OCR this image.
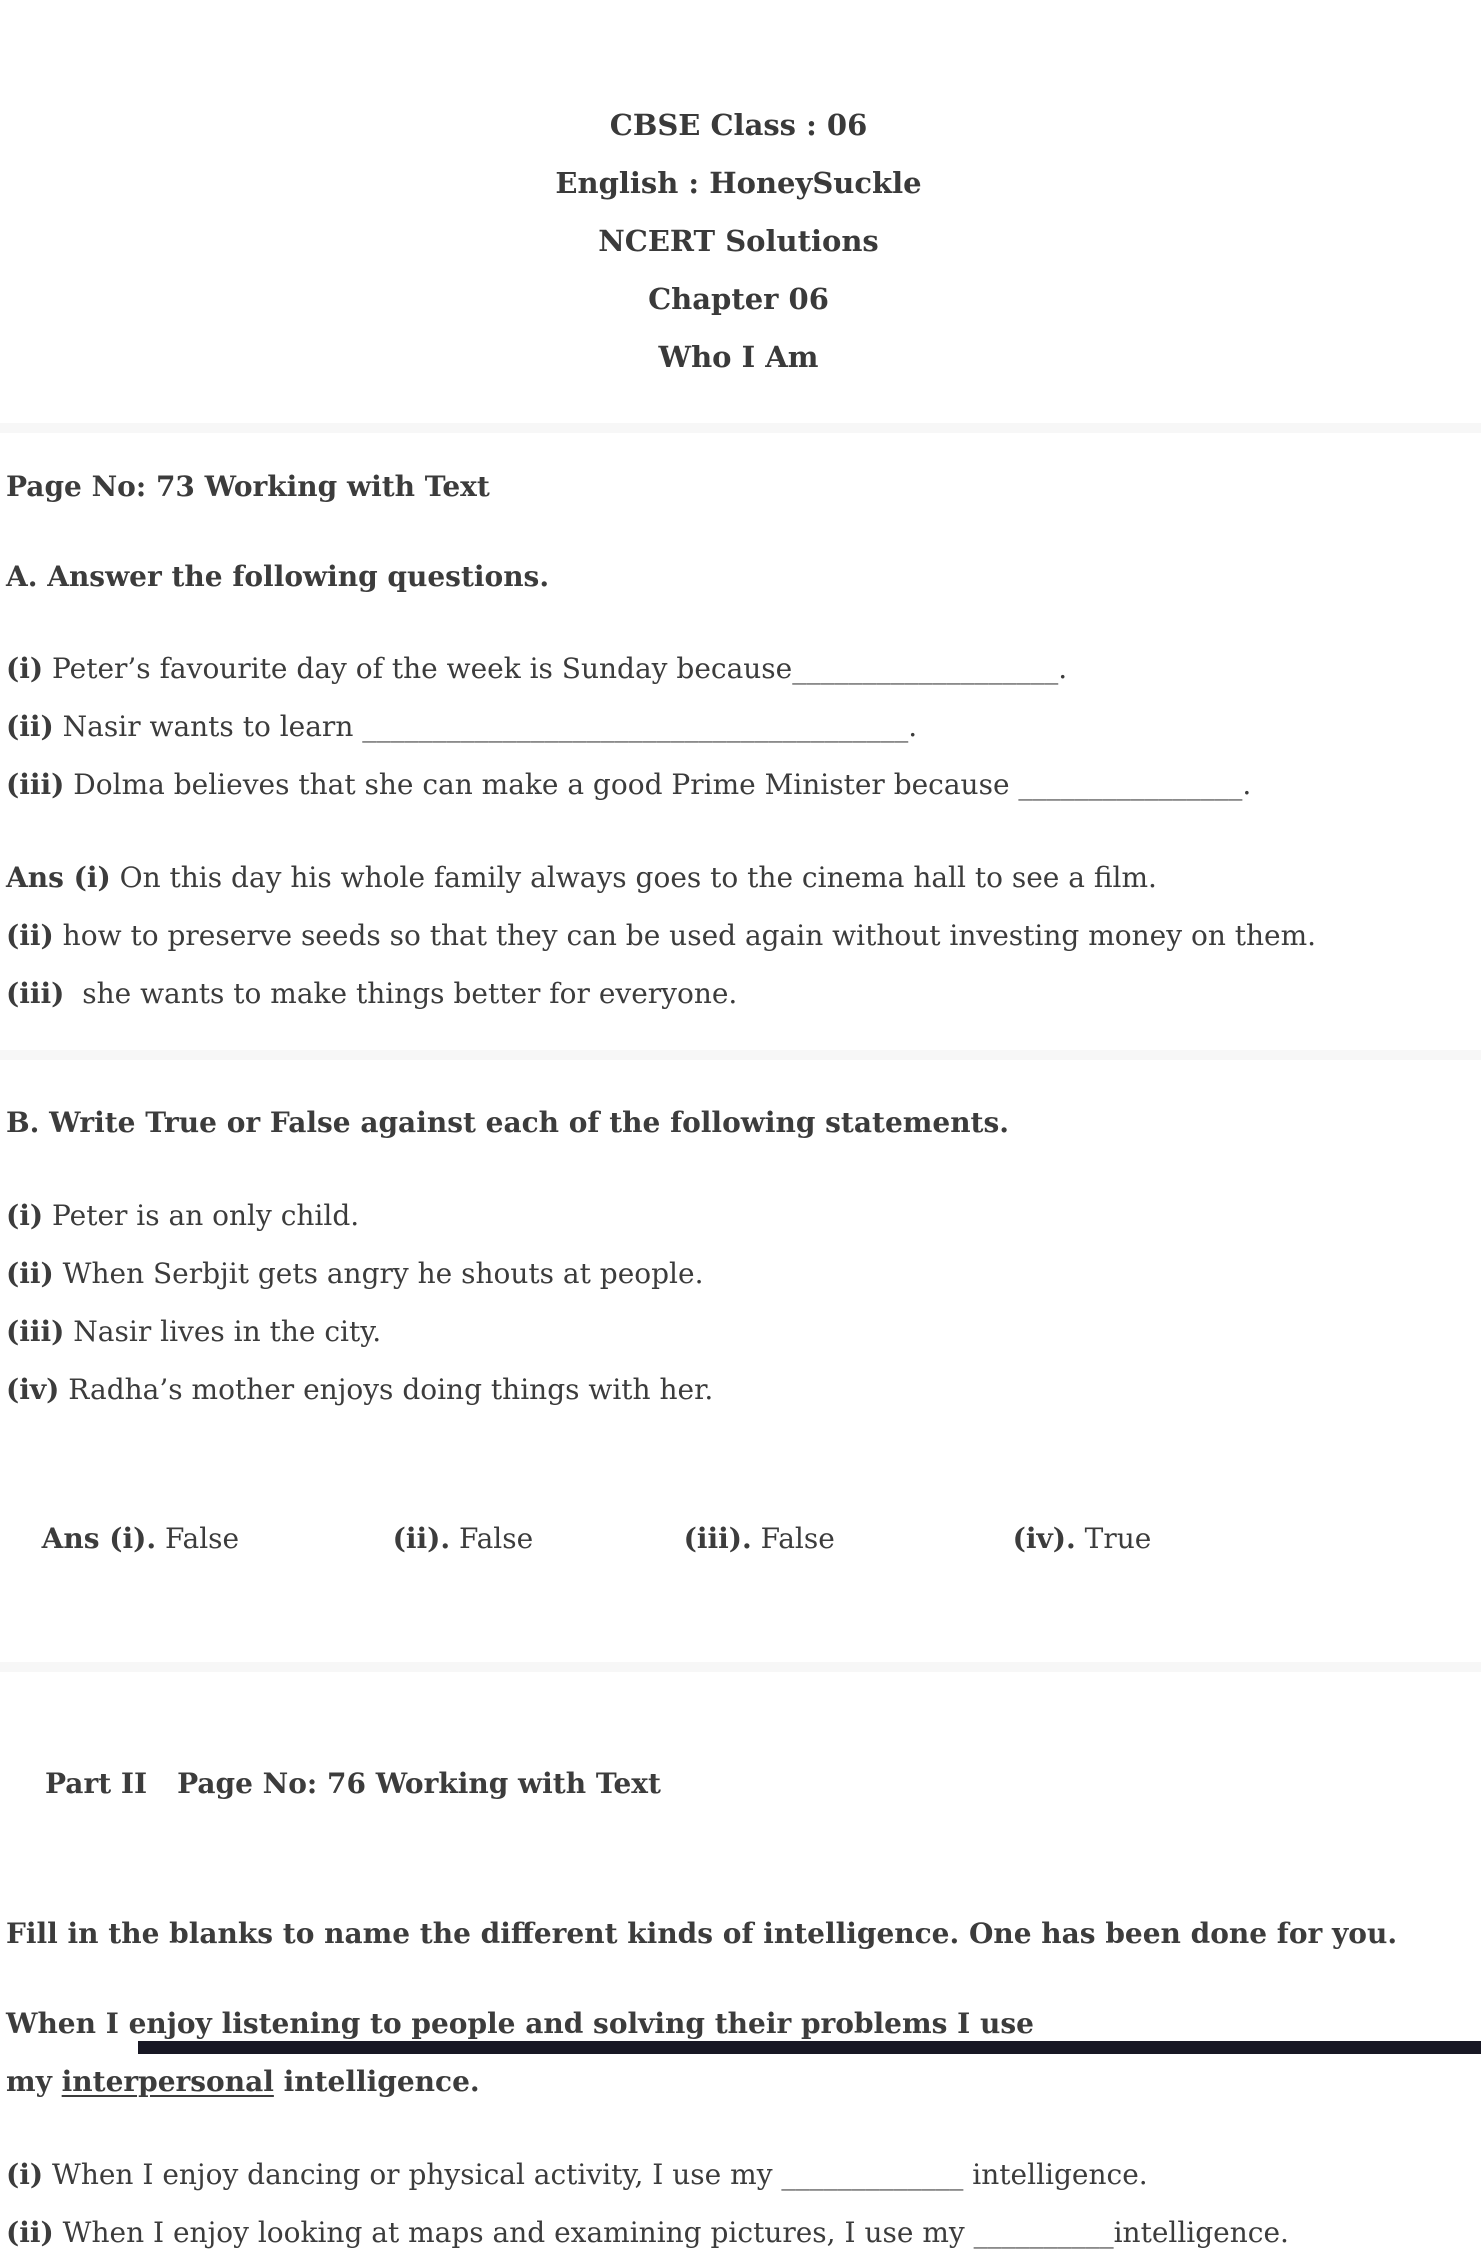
CBSE Class : 06
English : HoneySuckle
NCERT Solutions
Chapter 06
Who I Am

Page No: 73 Working with Text

A. Answer the following questions.

(i) Peter’s favourite day of the week is Sunday because___________________.

(ii) Nasir wants to learn _______________________________________.

(iii) Dolma believes that she can make a good Prime Minister because ________________.

Ans (i) On this day his whole family always goes to the cinema hall to see a film.

(ii) how to preserve seeds so that they can be used again without investing money on them.

(iii)  she wants to make things better for everyone.

B. Write True or False against each of the following statements.

(i) Peter is an only child.

(ii) When Serbjit gets angry he shouts at people.

(iii) Nasir lives in the city.

(iv) Radha’s mother enjoys doing things with her.

Ans (i). False	(ii). False	(iii). False	(iv). True

Part II Page No: 76 Working with Text

Fill in the blanks to name the different kinds of intelligence. One has been done for you.

When I enjoy listening to people and solving their problems I use

my interpersonal intelligence.

(i) When I enjoy dancing or physical activity, I use my _____________ intelligence.

(ii) When I enjoy looking at maps and examining pictures, I use my __________intelligence.
